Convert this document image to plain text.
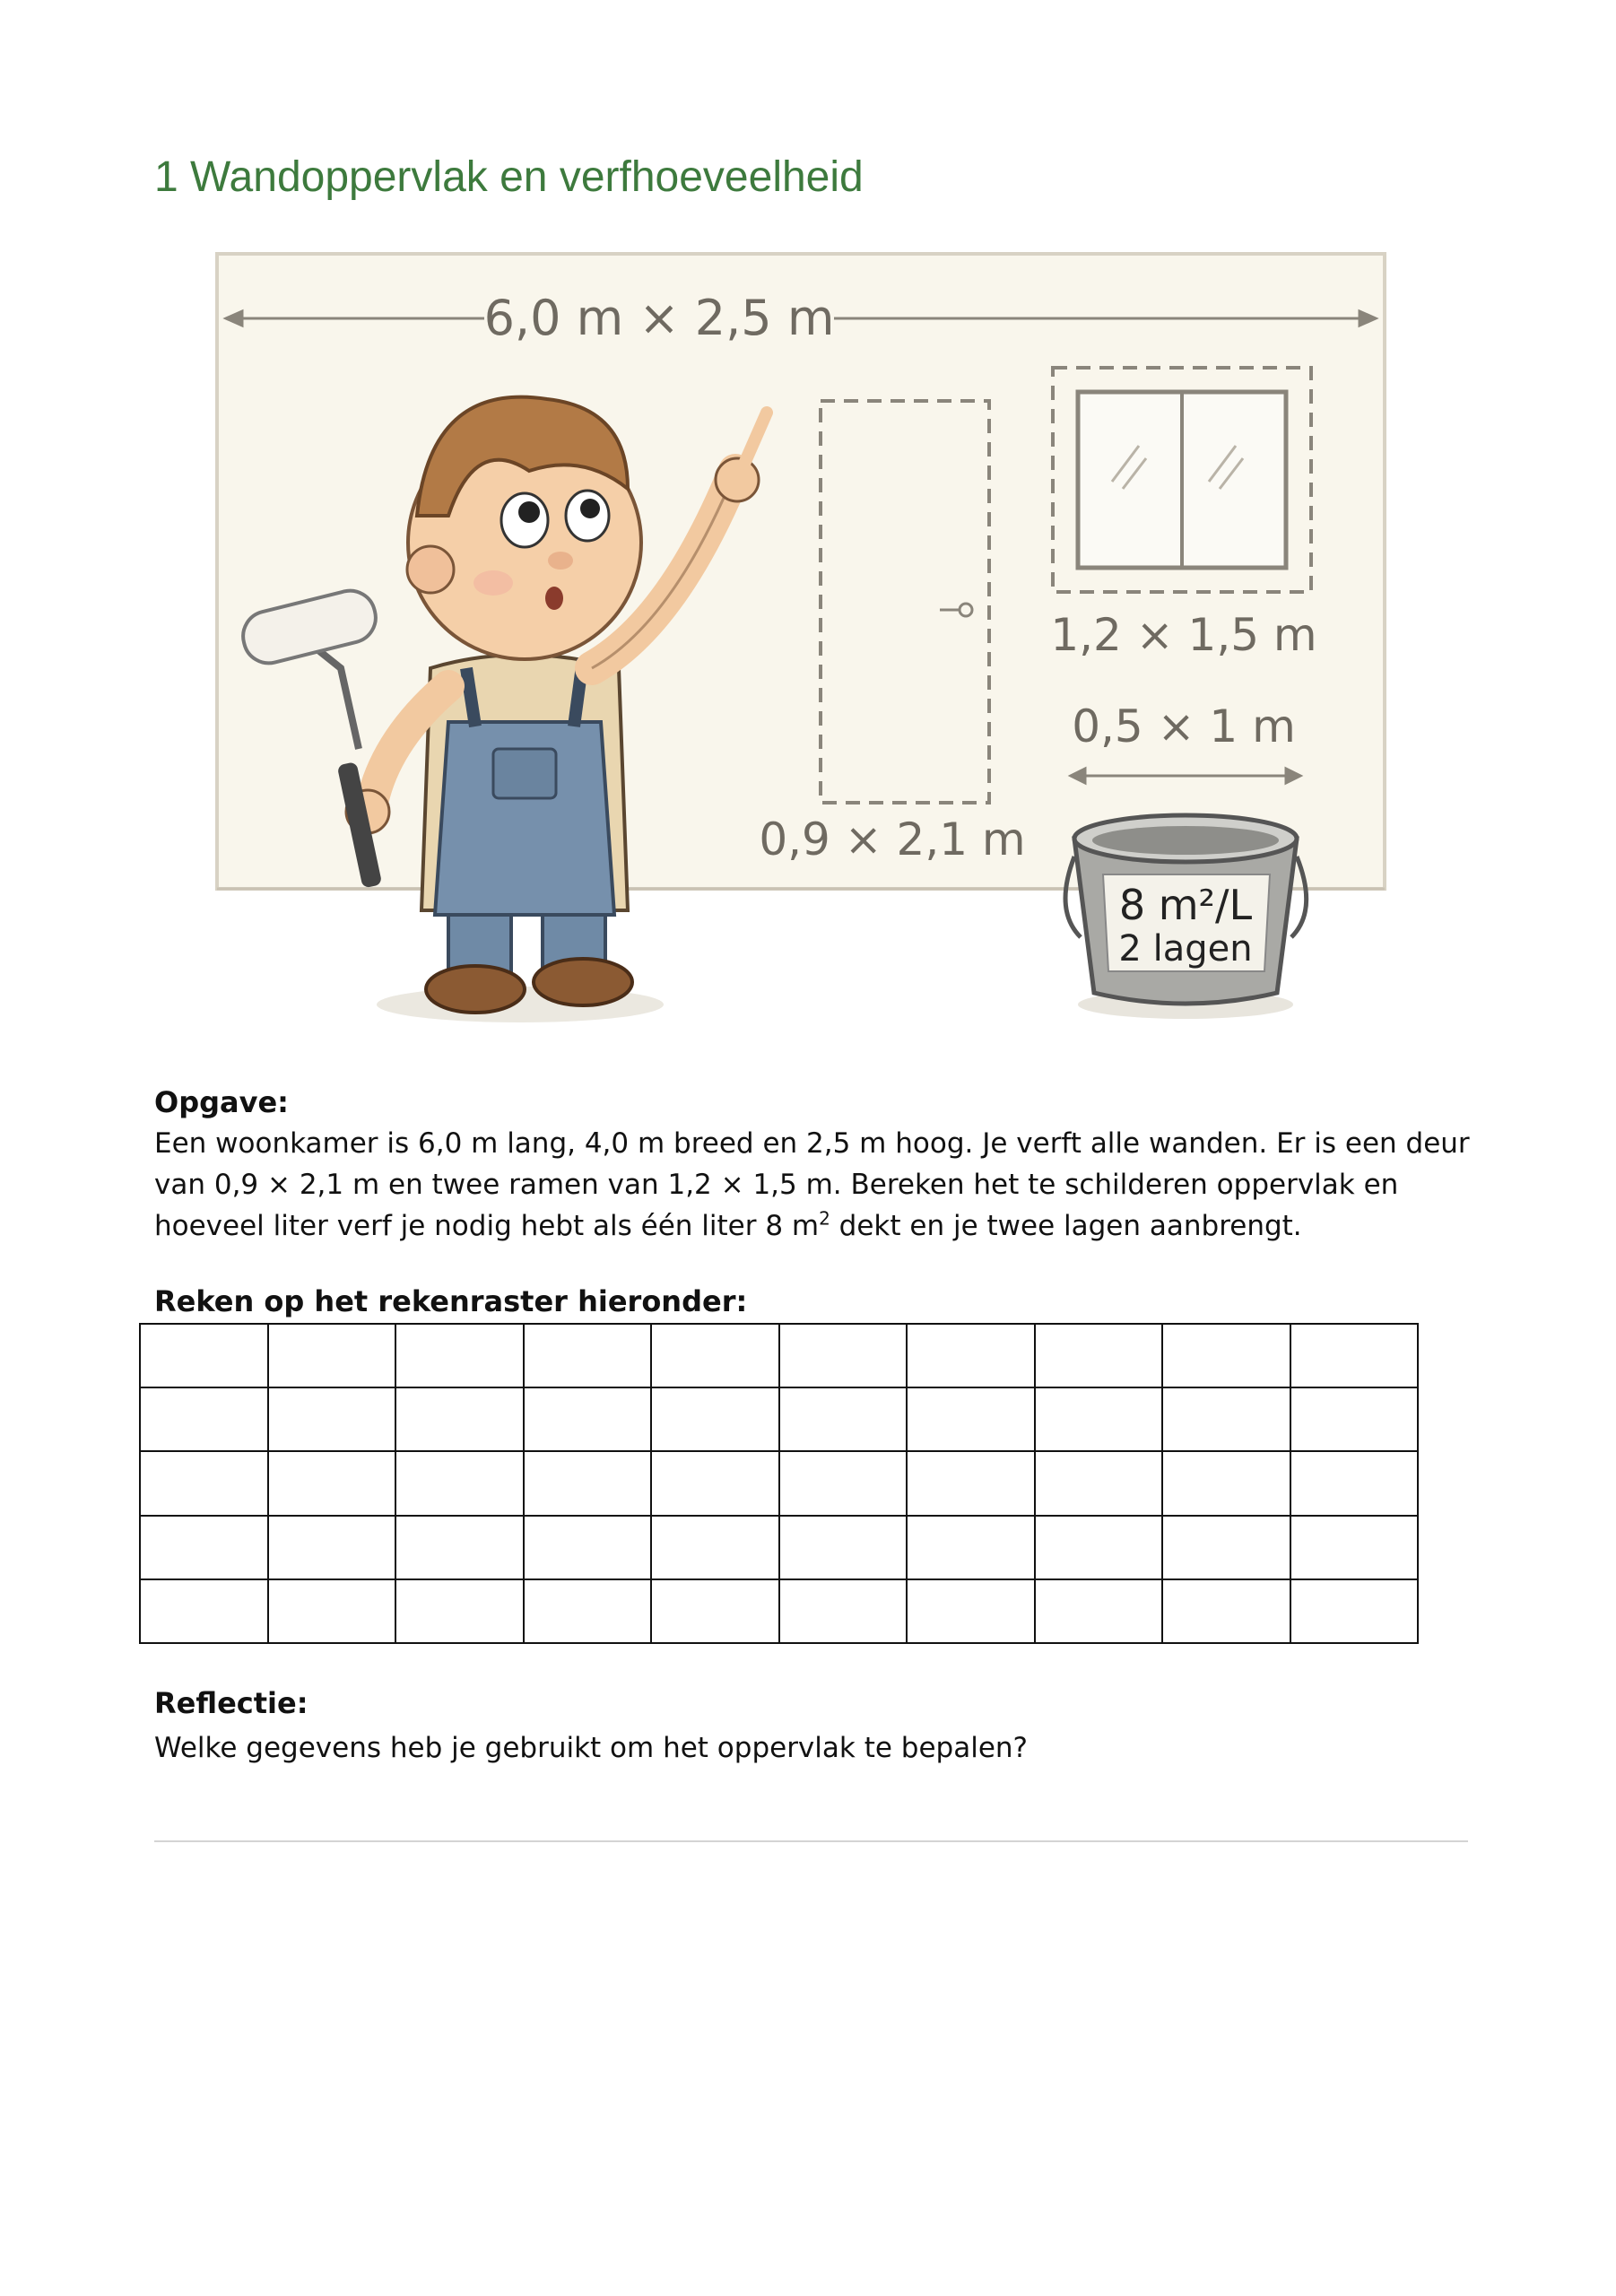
1 Wandoppervlak en verfhoeveelheid
6,0 m × 2,5 m
0,9 × 2,1 m
1,2 × 1,5 m
0,5 × 1 m
8 m²/L
2 lagen
Opgave:
Een woonkamer is 6,0 m lang, 4,0 m breed en 2,5 m hoog. Je verft alle wanden. Er is een deur van 0,9 × 2,1 m en twee ramen van 1,2 × 1,5 m. Bereken het te schilderen oppervlak en hoeveel liter verf je nodig hebt als één liter 8 $m^2$ dekt en je twee lagen aanbrengt.
Reken op het rekenraster hieronder:

Reflectie:
Welke gegevens heb je gebruikt om het oppervlak te bepalen?
